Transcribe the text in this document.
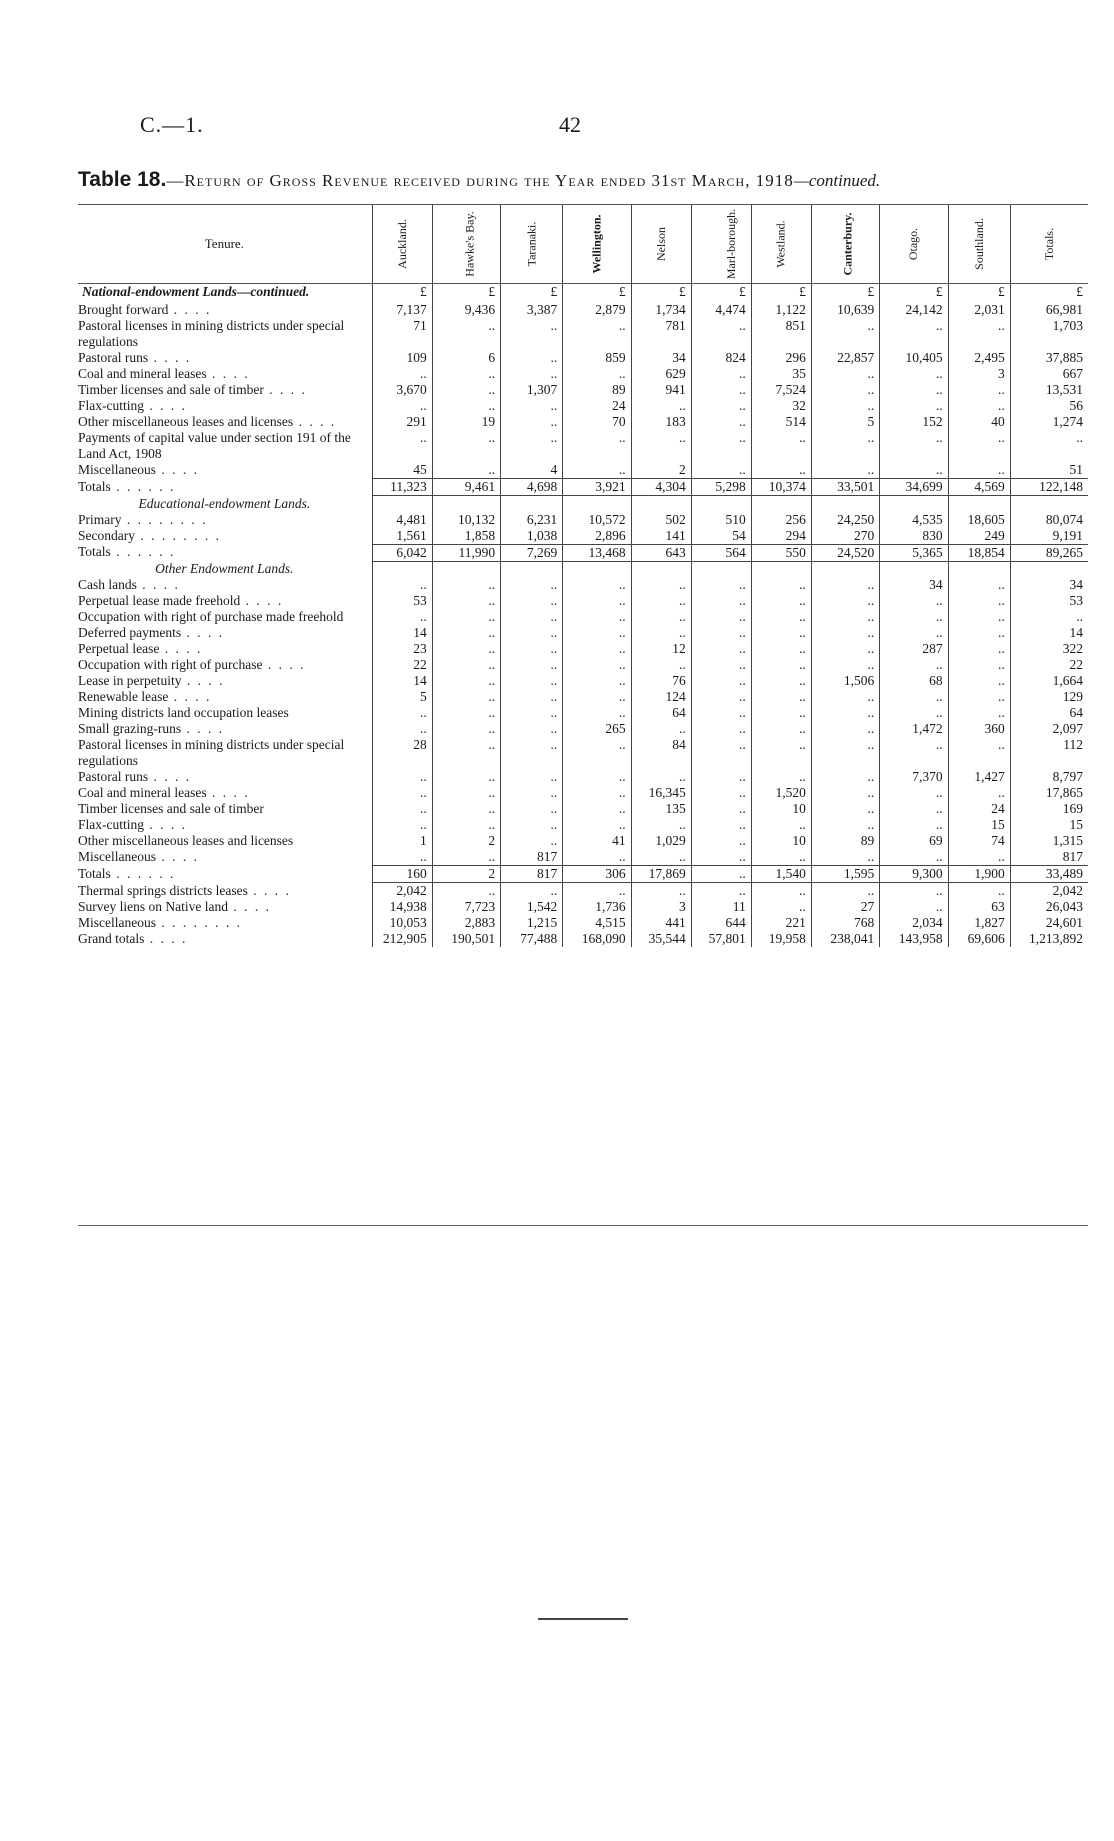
C.—1.	42
Table 18.—Return of Gross Revenue received during the Year ended 31st March, 1918—continued.
Tenure.	Auckland.	Hawke's Bay.	Taranaki.	Wellington.	Nelson	Marl-borough.	Westland.	Canterbury.	Otago.	Southland.	Totals.
National-endowment Lands—continued.	£	£	£	£	£	£	£	£	£	£	£
Brought forward . . . .	7,137	9,436	3,387	2,879	1,734	4,474	1,122	10,639	24,142	2,031	66,981
Pastoral licenses in mining districts under special regulations	71	..	..	..	781	..	851	..	..	..	1,703
Pastoral runs . . . .	109	6	..	859	34	824	296	22,857	10,405	2,495	37,885
Coal and mineral leases . . . .	..	..	..	..	629	..	35	..	..	3	667
Timber licenses and sale of timber . . . .	3,670	..	1,307	89	941	..	7,524	..	..	..	13,531
Flax-cutting . . . .	..	..	..	24	..	..	32	..	..	..	56
Other miscellaneous leases and licenses . . . .	291	19	..	70	183	..	514	5	152	40	1,274
Payments of capital value under section 191 of the Land Act, 1908	..	..	..	..	..	..	..	..	..	..	..
Miscellaneous . . . .	45	..	4	..	2	..	..	..	..	..	51
Totals . . . . . .	11,323	9,461	4,698	3,921	4,304	5,298	10,374	33,501	34,699	4,569	122,148
Educational-endowment Lands.											
Primary . . . . . . . .	4,481	10,132	6,231	10,572	502	510	256	24,250	4,535	18,605	80,074
Secondary . . . . . . . .	1,561	1,858	1,038	2,896	141	54	294	270	830	249	9,191
Totals . . . . . .	6,042	11,990	7,269	13,468	643	564	550	24,520	5,365	18,854	89,265
Other Endowment Lands.											
Cash lands . . . .	..	..	..	..	..	..	..	..	34	..	34
Perpetual lease made freehold . . . .	53	..	..	..	..	..	..	..	..	..	53
Occupation with right of purchase made freehold	..	..	..	..	..	..	..	..	..	..	..
Deferred payments . . . .	14	..	..	..	..	..	..	..	..	..	14
Perpetual lease . . . .	23	..	..	..	12	..	..	..	287	..	322
Occupation with right of purchase . . . .	22	..	..	..	..	..	..	..	..	..	22
Lease in perpetuity . . . .	14	..	..	..	76	..	..	1,506	68	..	1,664
Renewable lease . . . .	5	..	..	..	124	..	..	..	..	..	129
Mining districts land occupation leases	..	..	..	..	64	..	..	..	..	..	64
Small grazing-runs . . . .	..	..	..	265	..	..	..	..	1,472	360	2,097
Pastoral licenses in mining districts under special regulations	28	..	..	..	84	..	..	..	..	..	112
Pastoral runs . . . .	..	..	..	..	..	..	..	..	7,370	1,427	8,797
Coal and mineral leases . . . .	..	..	..	..	16,345	..	1,520	..	..	..	17,865
Timber licenses and sale of timber	..	..	..	..	135	..	10	..	..	24	169
Flax-cutting . . . .	..	..	..	..	..	..	..	..	..	15	15
Other miscellaneous leases and licenses	1	2	..	41	1,029	..	10	89	69	74	1,315
Miscellaneous . . . .	..	..	817	..	..	..	..	..	..	..	817
Totals . . . . . .	160	2	817	306	17,869	..	1,540	1,595	9,300	1,900	33,489
Thermal springs districts leases . . . .	2,042	..	..	..	..	..	..	..	..	..	2,042
Survey liens on Native land . . . .	14,938	7,723	1,542	1,736	3	11	..	27	..	63	26,043
Miscellaneous . . . . . . . .	10,053	2,883	1,215	4,515	441	644	221	768	2,034	1,827	24,601
Grand totals . . . .	212,905	190,501	77,488	168,090	35,544	57,801	19,958	238,041	143,958	69,606	1,213,892
